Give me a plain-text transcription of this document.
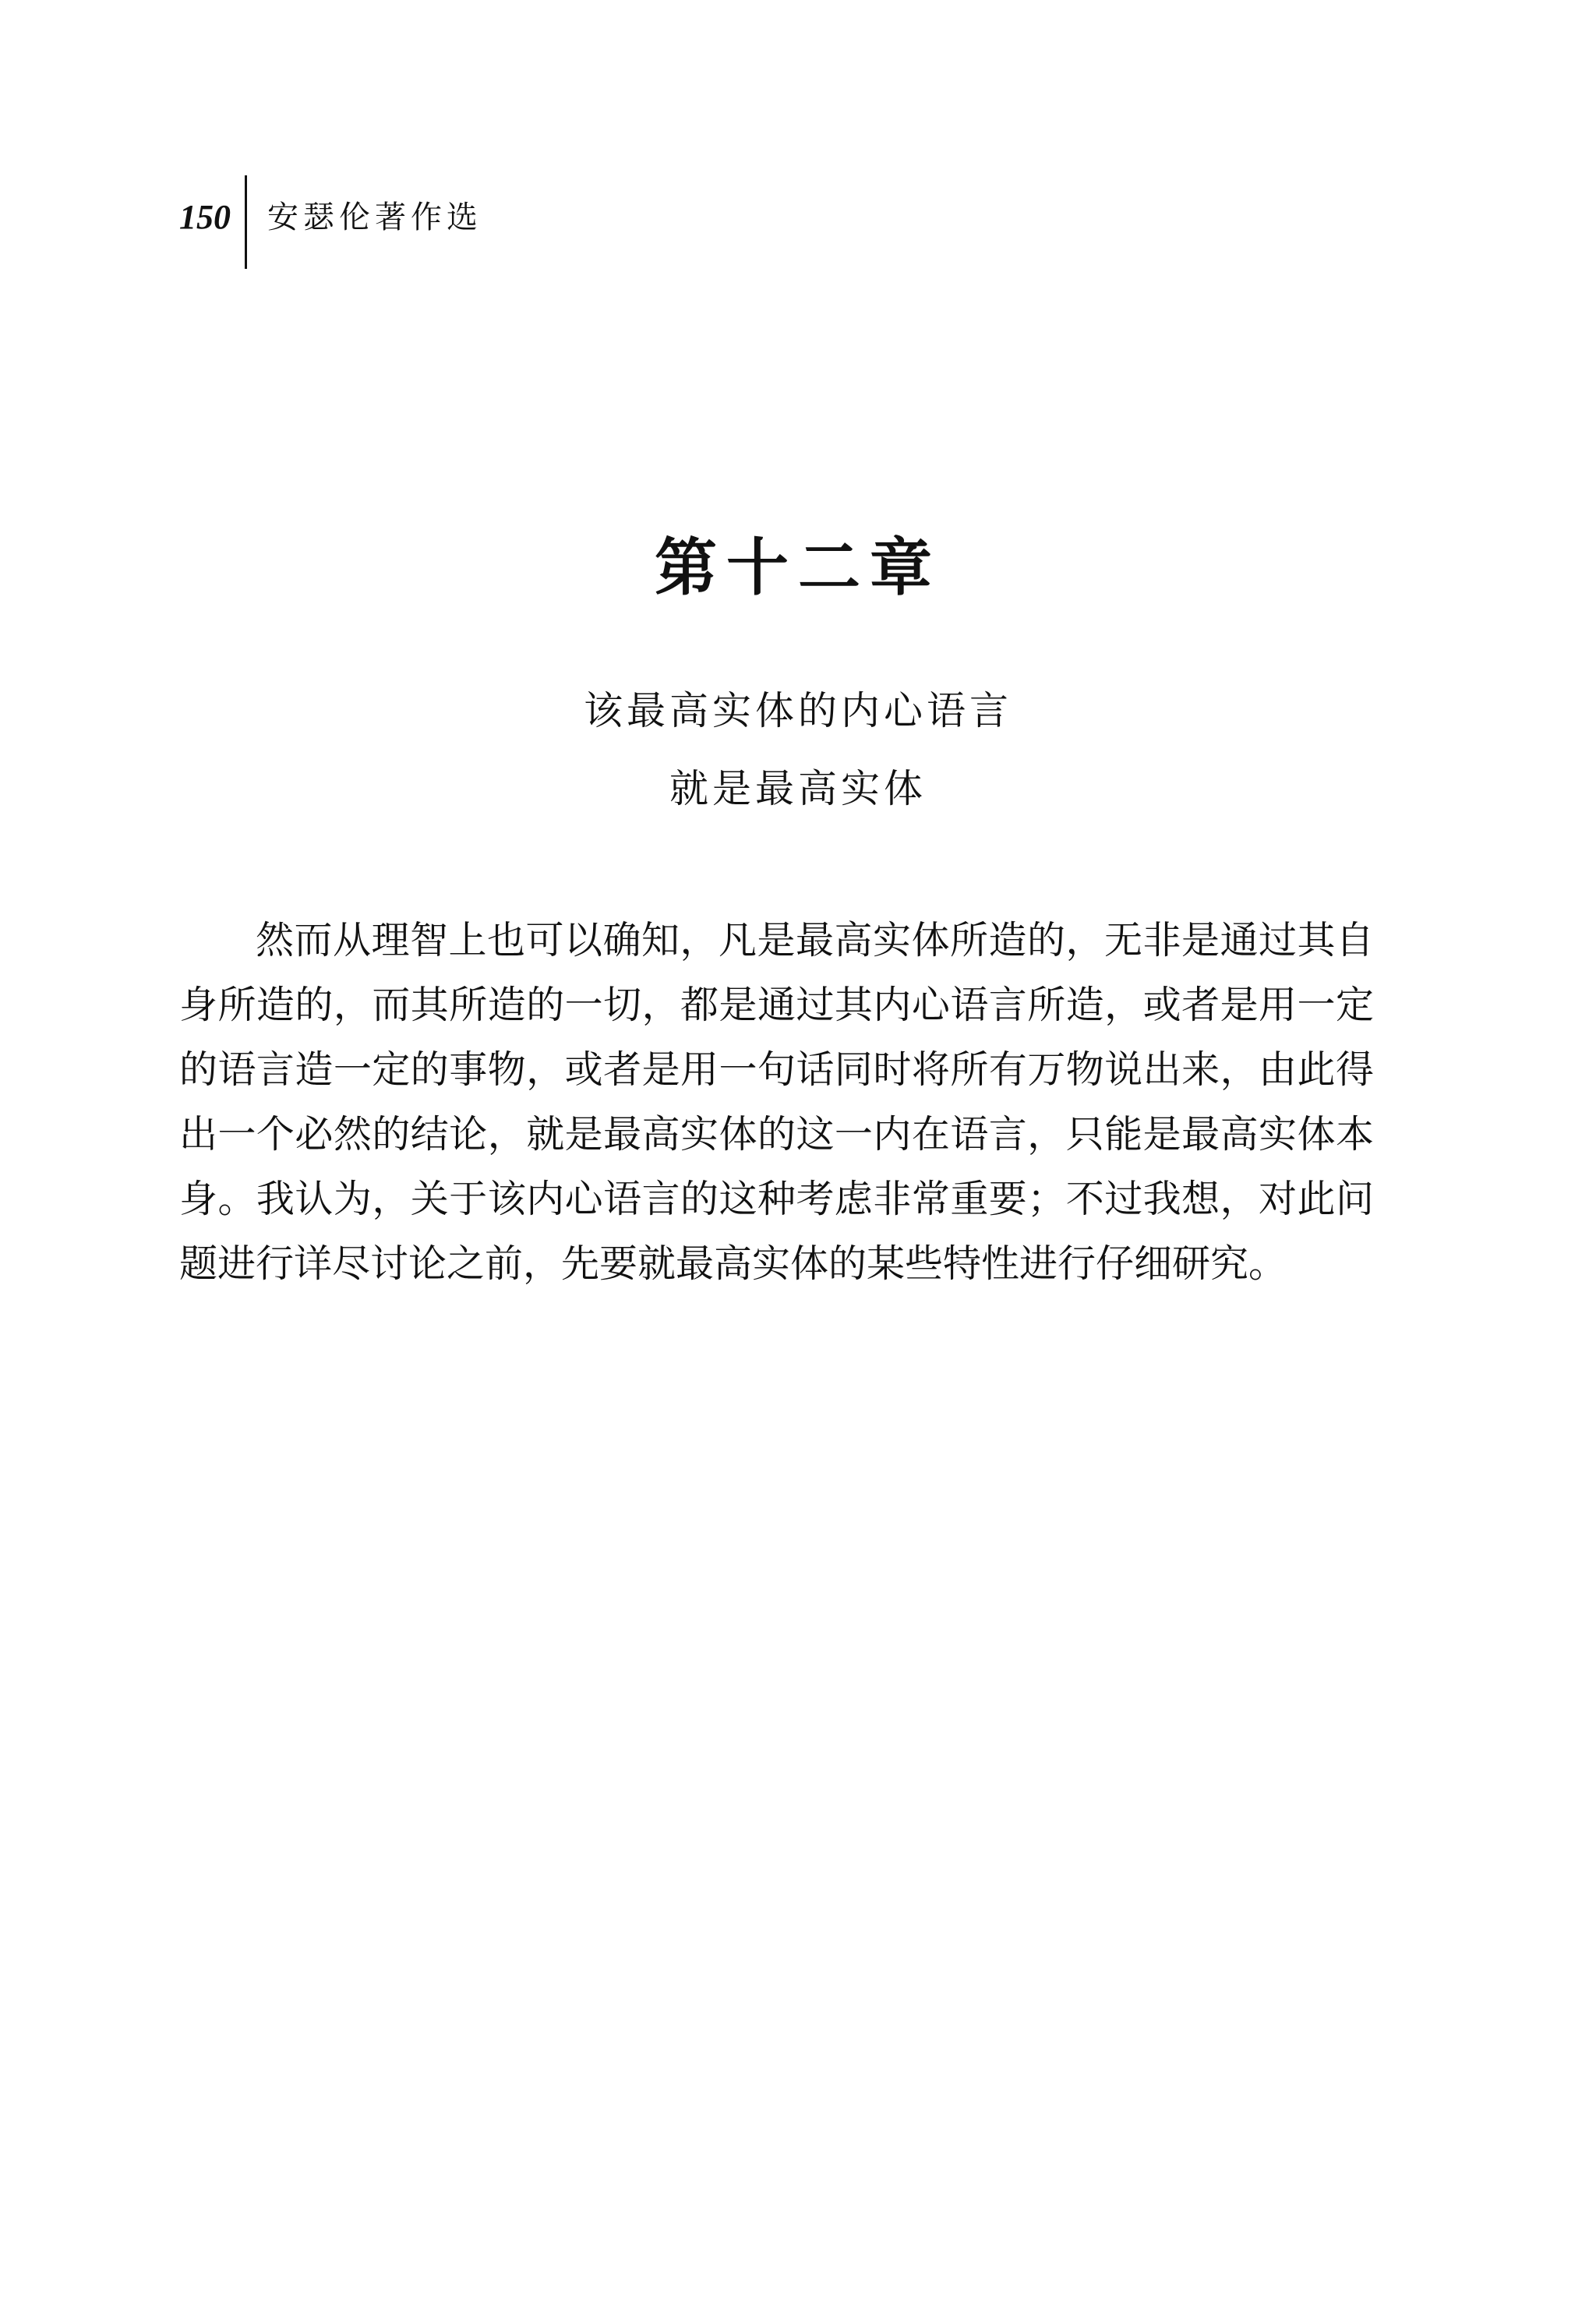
150	安瑟伦著作选
第十二章
该最高实体的内心语言
就是最高实体

然而从理智上也可以确知，凡是最高实体所造的，无非是通过其自身所造的，而其所造的一切，都是通过其内心语言所造，或者是用一定的语言造一定的事物，或者是用一句话同时将所有万物说出来，由此得出一个必然的结论，就是最高实体的这一内在语言，只能是最高实体本身。我认为，关于该内心语言的这种考虑非常重要；不过我想，对此问题进行详尽讨论之前，先要就最高实体的某些特性进行仔细研究。
